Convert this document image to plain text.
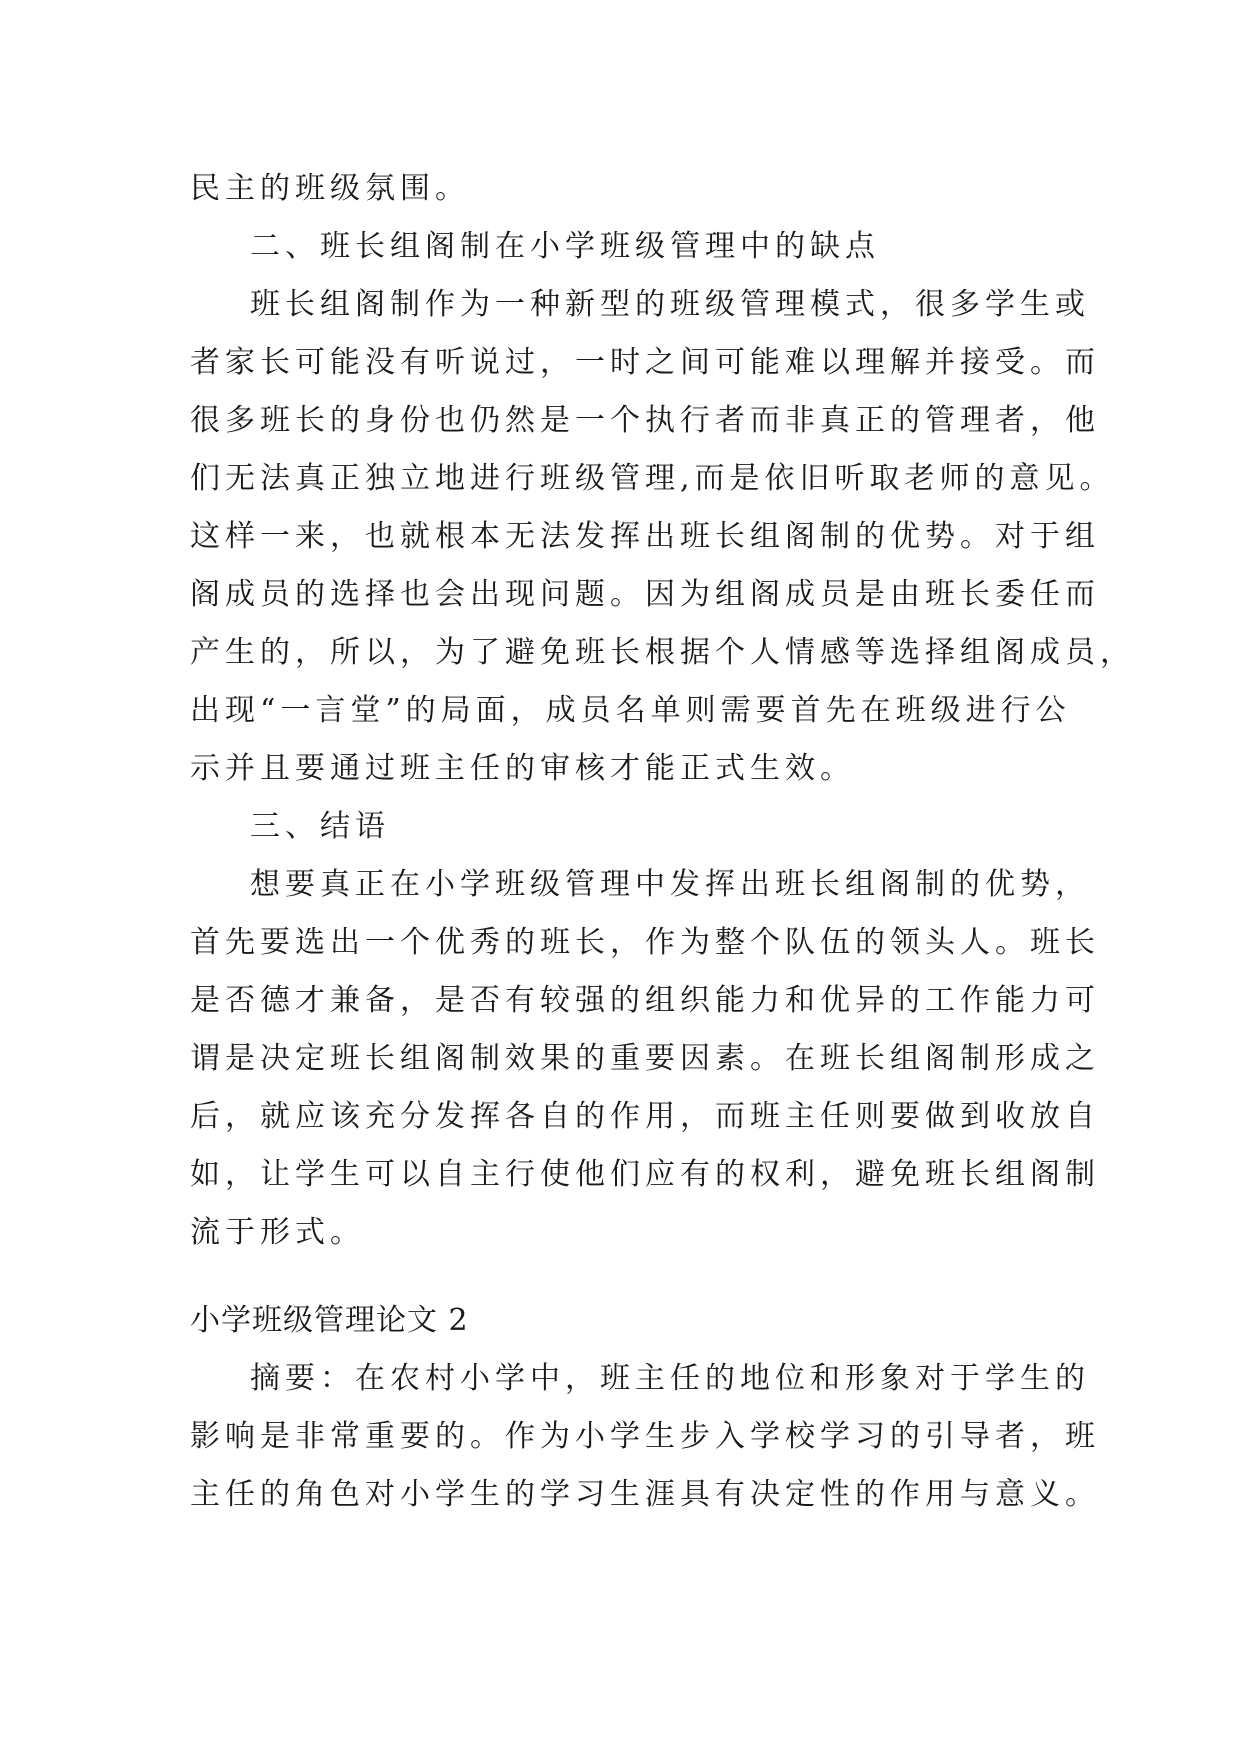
民主的班级氛围。
二、班长组阁制在小学班级管理中的缺点
班长组阁制作为一种新型的班级管理模式，很多学生或
者家长可能没有听说过，一时之间可能难以理解并接受。而
很多班长的身份也仍然是一个执行者而非真正的管理者，他
们无法真正独立地进行班级管理,而是依旧听取老师的意见。
这样一来，也就根本无法发挥出班长组阁制的优势。对于组
阁成员的选择也会出现问题。因为组阁成员是由班长委任而
产生的，所以，为了避免班长根据个人情感等选择组阁成员，
出现“一言堂”的局面，成员名单则需要首先在班级进行公
示并且要通过班主任的审核才能正式生效。
三、结语
想要真正在小学班级管理中发挥出班长组阁制的优势，
首先要选出一个优秀的班长，作为整个队伍的领头人。班长
是否德才兼备，是否有较强的组织能力和优异的工作能力可
谓是决定班长组阁制效果的重要因素。在班长组阁制形成之
后，就应该充分发挥各自的作用，而班主任则要做到收放自
如，让学生可以自主行使他们应有的权利，避免班长组阁制
流于形式。
小学班级管理论文 2
摘要：在农村小学中，班主任的地位和形象对于学生的
影响是非常重要的。作为小学生步入学校学习的引导者，班
主任的角色对小学生的学习生涯具有决定性的作用与意义。
